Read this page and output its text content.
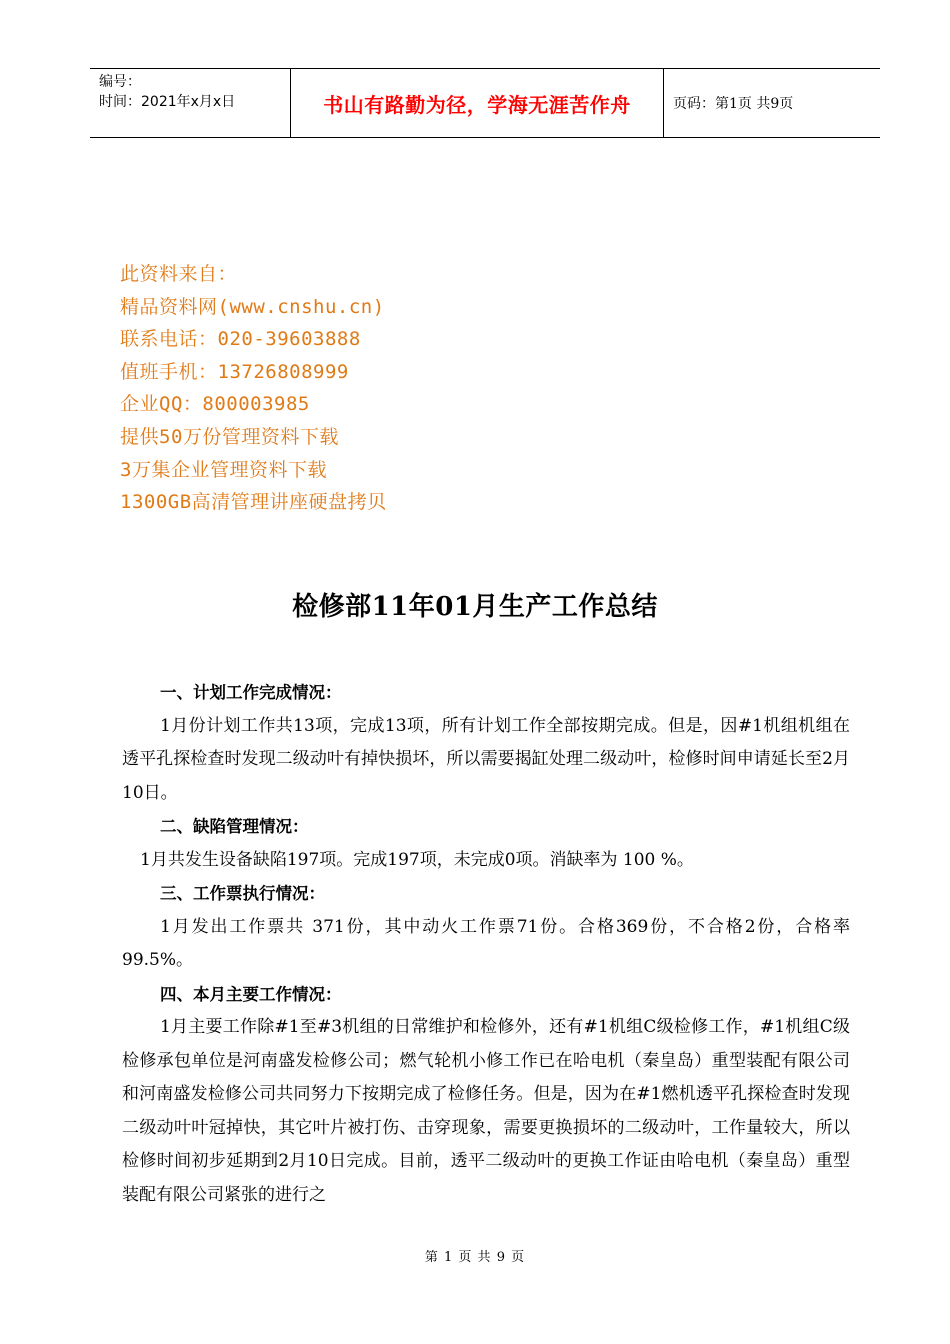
编号：
时间：2021年x月x日	书山有路勤为径，学海无涯苦作舟	页码：第1页 共9页
此资料来自：
精品资料网(www.cnshu.cn)
联系电话：020-39603888
值班手机：13726808999
企业QQ：800003985
提供50万份管理资料下载
3万集企业管理资料下载
1300GB高清管理讲座硬盘拷贝
检修部11年01月生产工作总结
一、计划工作完成情况：

1月份计划工作共13项，完成13项，所有计划工作全部按期完成。但是，因#1机组机组在透平孔探检查时发现二级动叶有掉快损坏，所以需要揭缸处理二级动叶，检修时间申请延长至2月10日。

二、缺陷管理情况：

1月共发生设备缺陷197项。完成197项，未完成0项。消缺率为 100 %。

三、工作票执行情况：

1月发出工作票共 371份，其中动火工作票71份。合格369份，不合格2份，合格率99.5%。

四、本月主要工作情况：

1月主要工作除#1至#3机组的日常维护和检修外，还有#1机组C级检修工作，#1机组C级检修承包单位是河南盛发检修公司；燃气轮机小修工作已在哈电机（秦皇岛）重型装配有限公司和河南盛发检修公司共同努力下按期完成了检修任务。但是，因为在#1燃机透平孔探检查时发现二级动叶叶冠掉快，其它叶片被打伤、击穿现象，需要更换损坏的二级动叶，工作量较大，所以检修时间初步延期到2月10日完成。目前，透平二级动叶的更换工作证由哈电机（秦皇岛）重型装配有限公司紧张的进行之

第 1 页 共 9 页
